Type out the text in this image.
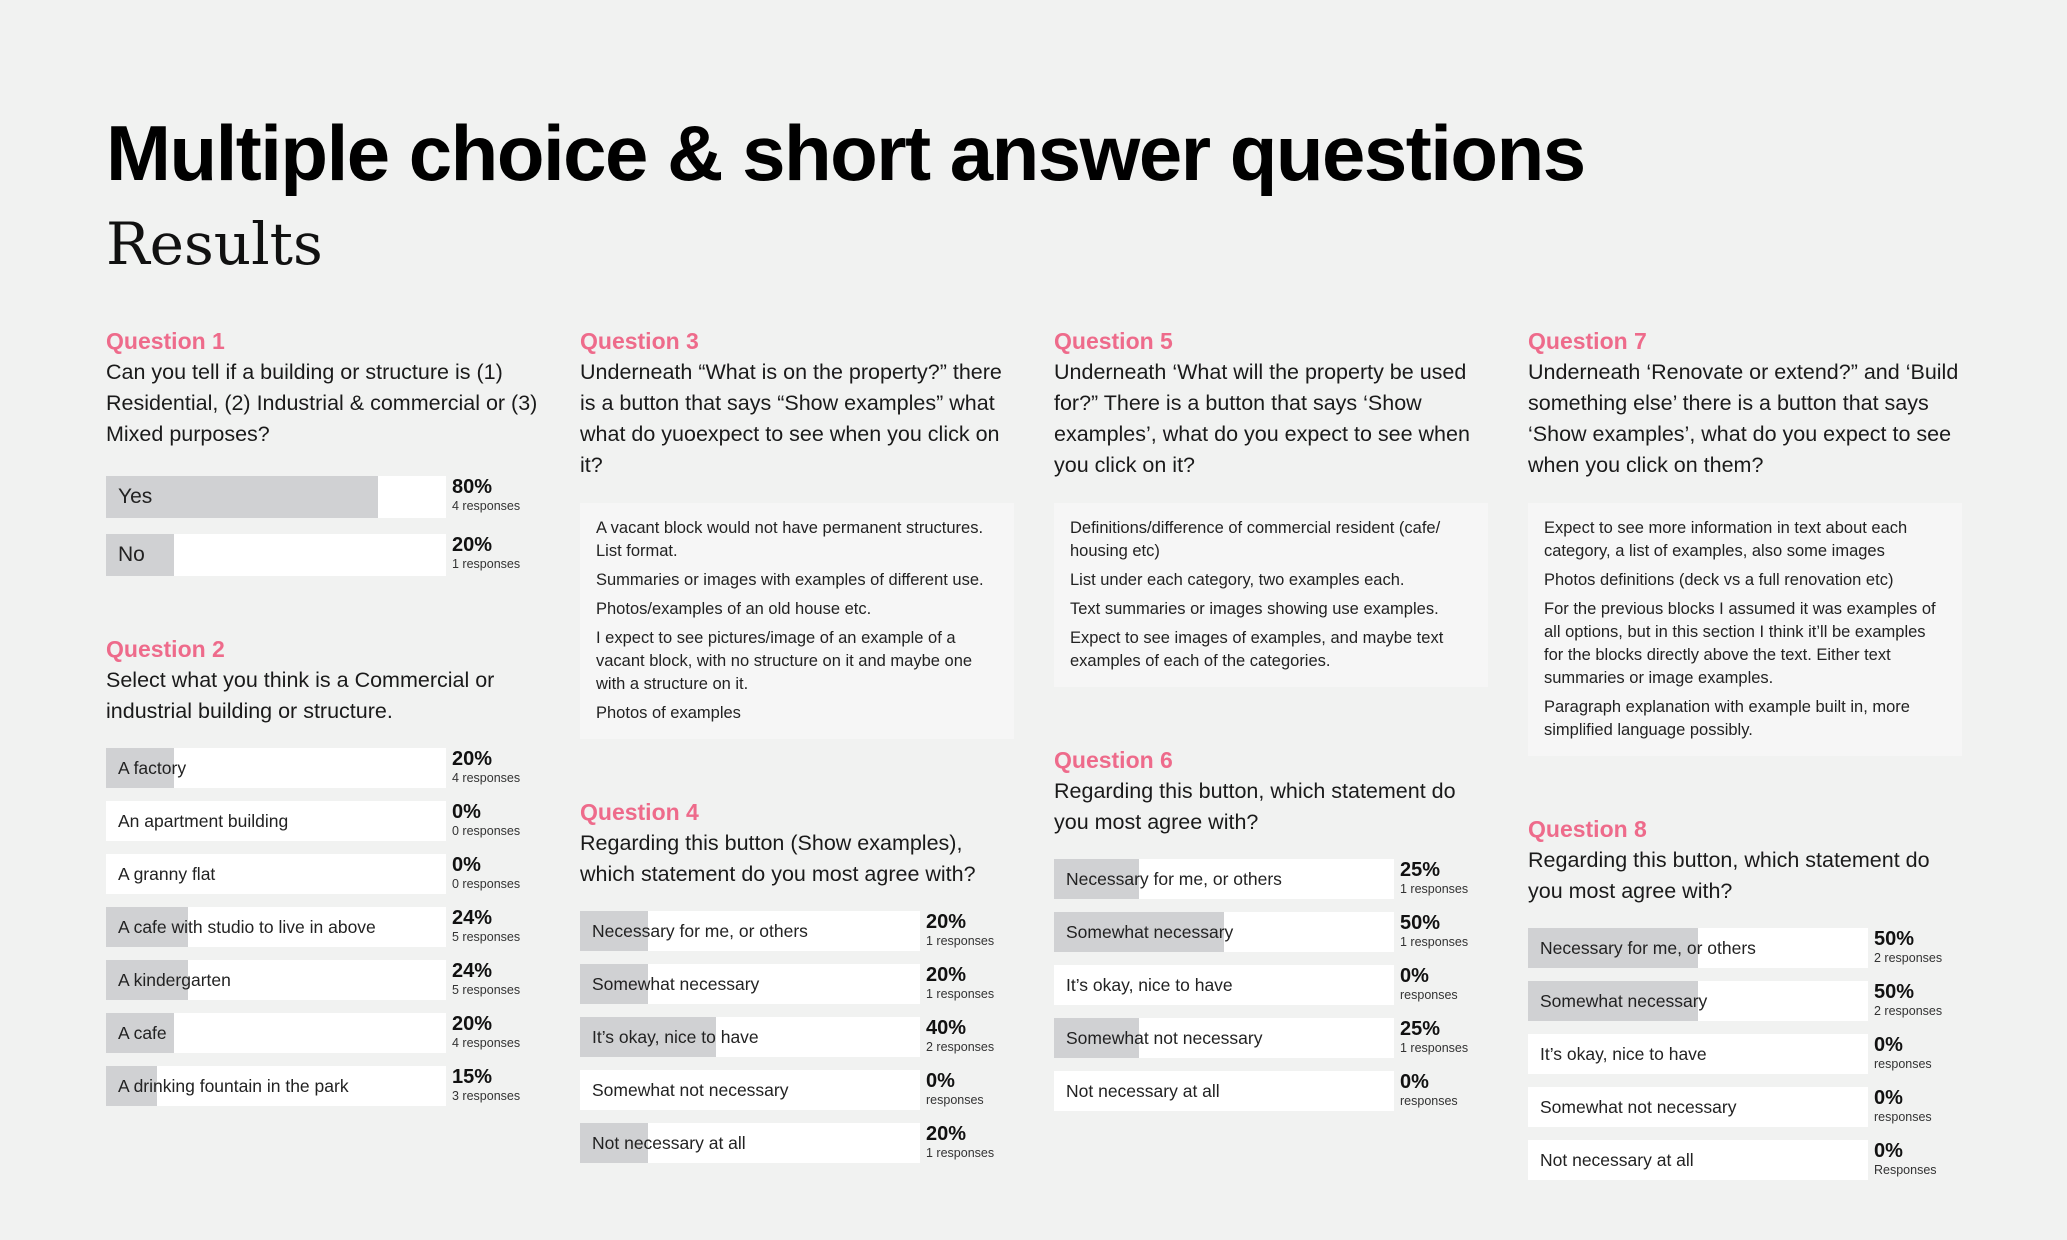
Multiple choice & short answer questions
Results
Question 1
Can you tell if a building or structure is (1) Residential, (2) Industrial & commercial or (3) Mixed purposes?
Yes	80%
4 responses
No	20%
1 responses
Question 2
Select what you think is a Commercial or industrial building or structure.
A factory	20%
4 responses
An apartment building	0%
0 responses
A granny flat	0%
0 responses
A cafe with studio to live in above	24%
5 responses
A kindergarten	24%
5 responses
A cafe	20%
4 responses
A drinking fountain in the park	15%
3 responses
Question 3
Underneath “What is on the property?” there is a button that says “Show examples” what what do yuoexpect to see when you click on it?

A vacant block would not have permanent structures. List format.

Summaries or images with examples of different use.

Photos/examples of an old house etc.

I expect to see pictures/image of an example of a vacant block, with no structure on it and maybe one with a structure on it.

Photos of examples

Question 4
Regarding this button (Show examples), which statement do you most agree with?
Necessary for me, or others	20%
1 responses
Somewhat necessary	20%
1 responses
It’s okay, nice to have	40%
2 responses
Somewhat not necessary	0%
responses
Not necessary at all	20%
1 responses
Question 5
Underneath ‘What will the property be used for?” There is a button that says ‘Show examples’, what do you expect to see when you click on it?

Definitions/difference of commercial resident (cafe/ housing etc)

List under each category, two examples each.

Text summaries or images showing use examples.

Expect to see images of examples, and maybe text examples of each of the categories.

Question 6
Regarding this button, which statement do you most agree with?
Necessary for me, or others	25%
1 responses
Somewhat necessary	50%
1 responses
It’s okay, nice to have	0%
responses
Somewhat not necessary	25%
1 responses
Not necessary at all	0%
responses
Question 7
Underneath ‘Renovate or extend?” and ‘Build something else’ there is a button that says ‘Show examples’, what do you expect to see when you click on them?

Expect to see more information in text about each category, a list of examples, also some images

Photos definitions (deck vs a full renovation etc)

For the previous blocks I assumed it was examples of all options, but in this section I think it’ll be examples for the blocks directly above the text. Either text summaries or image examples.

Paragraph explanation with example built in, more simplified language possibly.

Question 8
Regarding this button, which statement do you most agree with?
Necessary for me, or others	50%
2 responses
Somewhat necessary	50%
2 responses
It’s okay, nice to have	0%
responses
Somewhat not necessary	0%
responses
Not necessary at all	0%
Responses
